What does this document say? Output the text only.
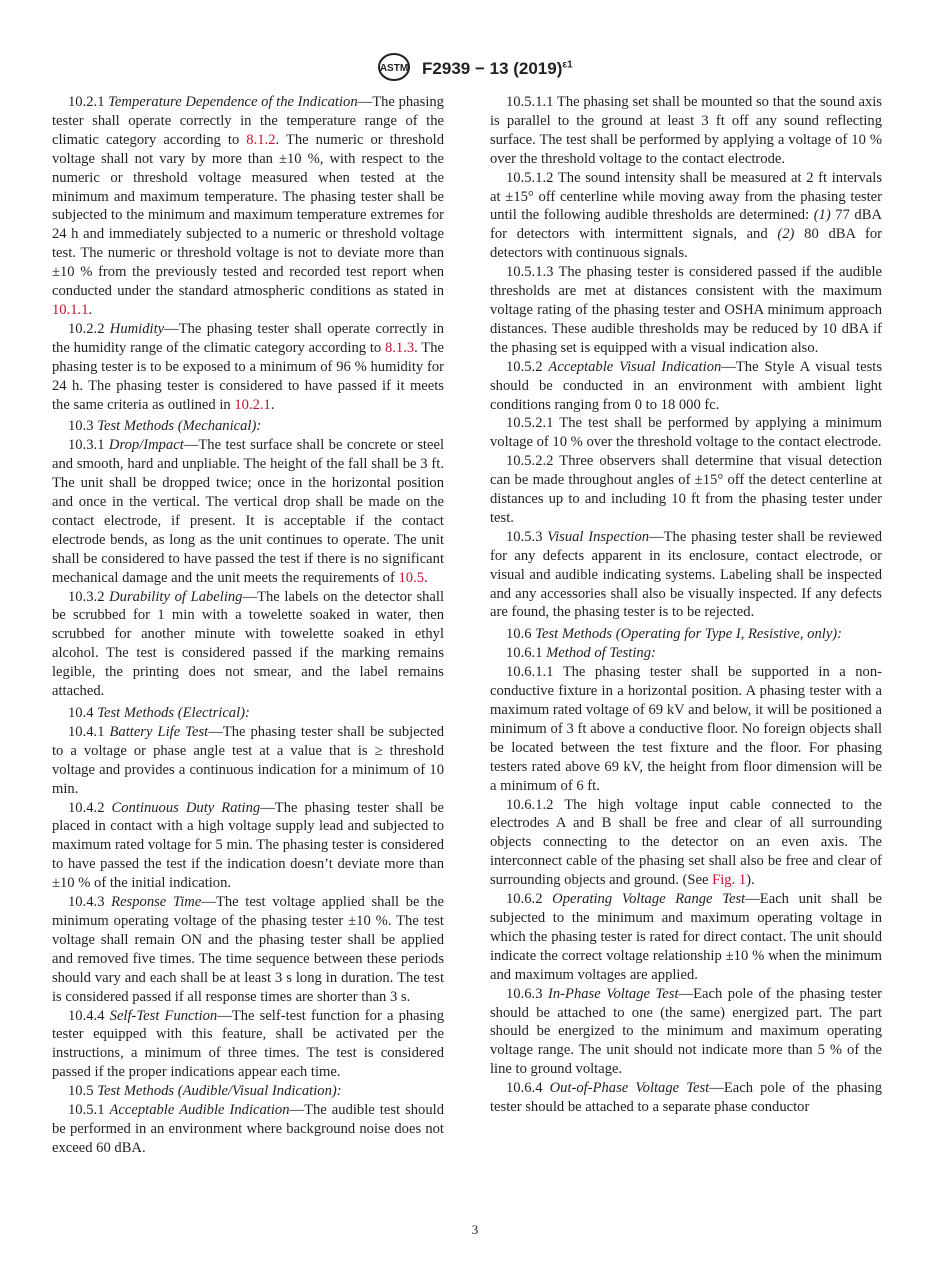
ASTM F2939 − 13 $(2019)^{\varepsilon 1}$

10.2.1 Temperature Dependence of the Indication—The phasing tester shall operate correctly in the temperature range of the climatic category according to 8.1.2. The numeric or threshold voltage shall not vary by more than ±10 %, with respect to the numeric or threshold voltage measured when tested at the minimum and maximum temperature. The phasing tester shall be subjected to the minimum and maximum temperature extremes for 24 h and immediately subjected to a numeric or threshold voltage test. The numeric or threshold voltage is not to deviate more than ±10 % from the previously tested and recorded test report when conducted under the standard atmospheric conditions as stated in 10.1.1.

10.2.2 Humidity—The phasing tester shall operate correctly in the humidity range of the climatic category according to 8.1.3. The phasing tester is to be exposed to a minimum of 96 % humidity for 24 h. The phasing tester is considered to have passed if it meets the same criteria as outlined in 10.2.1.

10.3 Test Methods (Mechanical):

10.3.1 Drop/Impact—The test surface shall be concrete or steel and smooth, hard and unpliable. The height of the fall shall be 3 ft. The unit shall be dropped twice; once in the horizontal position and once in the vertical. The vertical drop shall be made on the contact electrode, if present. It is acceptable if the contact electrode bends, as long as the unit continues to operate. The unit shall be considered to have passed the test if there is no significant mechanical damage and the unit meets the requirements of 10.5.

10.3.2 Durability of Labeling—The labels on the detector shall be scrubbed for 1 min with a towelette soaked in water, then scrubbed for another minute with towelette soaked in ethyl alcohol. The test is considered passed if the marking remains legible, the printing does not smear, and the label remains attached.

10.4 Test Methods (Electrical):

10.4.1 Battery Life Test—The phasing tester shall be subjected to a voltage or phase angle test at a value that is ≥ threshold voltage and provides a continuous indication for a minimum of 10 min.

10.4.2 Continuous Duty Rating—The phasing tester shall be placed in contact with a high voltage supply lead and subjected to maximum rated voltage for 5 min. The phasing tester is considered to have passed the test if the indication doesn’t deviate more than ±10 % of the initial indication.

10.4.3 Response Time—The test voltage applied shall be the minimum operating voltage of the phasing tester ±10 %. The test voltage shall remain ON and the phasing tester shall be applied and removed five times. The time sequence between these periods should vary and each shall be at least 3 s long in duration. The test is considered passed if all response times are shorter than 3 s.

10.4.4 Self-Test Function—The self-test function for a phasing tester equipped with this feature, shall be activated per the instructions, a minimum of three times. The test is considered passed if the proper indications appear each time.

10.5 Test Methods (Audible/Visual Indication):

10.5.1 Acceptable Audible Indication—The audible test should be performed in an environment where background noise does not exceed 60 dBA.

10.5.1.1 The phasing set shall be mounted so that the sound axis is parallel to the ground at least 3 ft off any sound reflecting surface. The test shall be performed by applying a voltage of 10 % over the threshold voltage to the contact electrode.

10.5.1.2 The sound intensity shall be measured at 2 ft intervals at ±15° off centerline while moving away from the phasing tester until the following audible thresholds are determined: (1) 77 dBA for detectors with intermittent signals, and (2) 80 dBA for detectors with continuous signals.

10.5.1.3 The phasing tester is considered passed if the audible thresholds are met at distances consistent with the maximum voltage rating of the phasing tester and OSHA minimum approach distances. These audible thresholds may be reduced by 10 dBA if the phasing set is equipped with a visual indication also.

10.5.2 Acceptable Visual Indication—The Style A visual tests should be conducted in an environment with ambient light conditions ranging from 0 to 18 000 fc.

10.5.2.1 The test shall be performed by applying a minimum voltage of 10 % over the threshold voltage to the contact electrode.

10.5.2.2 Three observers shall determine that visual detection can be made throughout angles of ±15° off the detect centerline at distances up to and including 10 ft from the phasing tester under test.

10.5.3 Visual Inspection—The phasing tester shall be reviewed for any defects apparent in its enclosure, contact electrode, or visual and audible indicating systems. Labeling shall be inspected and any accessories shall also be visually inspected. If any defects are found, the phasing tester is to be rejected.

10.6 Test Methods (Operating for Type I, Resistive, only):

10.6.1 Method of Testing:

10.6.1.1 The phasing tester shall be supported in a non-conductive fixture in a horizontal position. A phasing tester with a maximum rated voltage of 69 kV and below, it will be positioned a minimum of 3 ft above a conductive floor. No foreign objects shall be located between the test fixture and the floor. For phasing testers rated above 69 kV, the height from floor dimension will be a minimum of 6 ft.

10.6.1.2 The high voltage input cable connected to the electrodes A and B shall be free and clear of all surrounding objects connecting to the detector on an even axis. The interconnect cable of the phasing set shall also be free and clear of surrounding objects and ground. (See Fig. 1).

10.6.2 Operating Voltage Range Test—Each unit shall be subjected to the minimum and maximum operating voltage in which the phasing tester is rated for direct contact. The unit should indicate the correct voltage relationship ±10 % when the minimum and maximum voltages are applied.

10.6.3 In-Phase Voltage Test—Each pole of the phasing tester should be attached to one (the same) energized part. The part should be energized to the minimum and maximum operating voltage range. The unit should not indicate more than 5 % of the line to ground voltage.

10.6.4 Out-of-Phase Voltage Test—Each pole of the phasing tester should be attached to a separate phase conductor

3
